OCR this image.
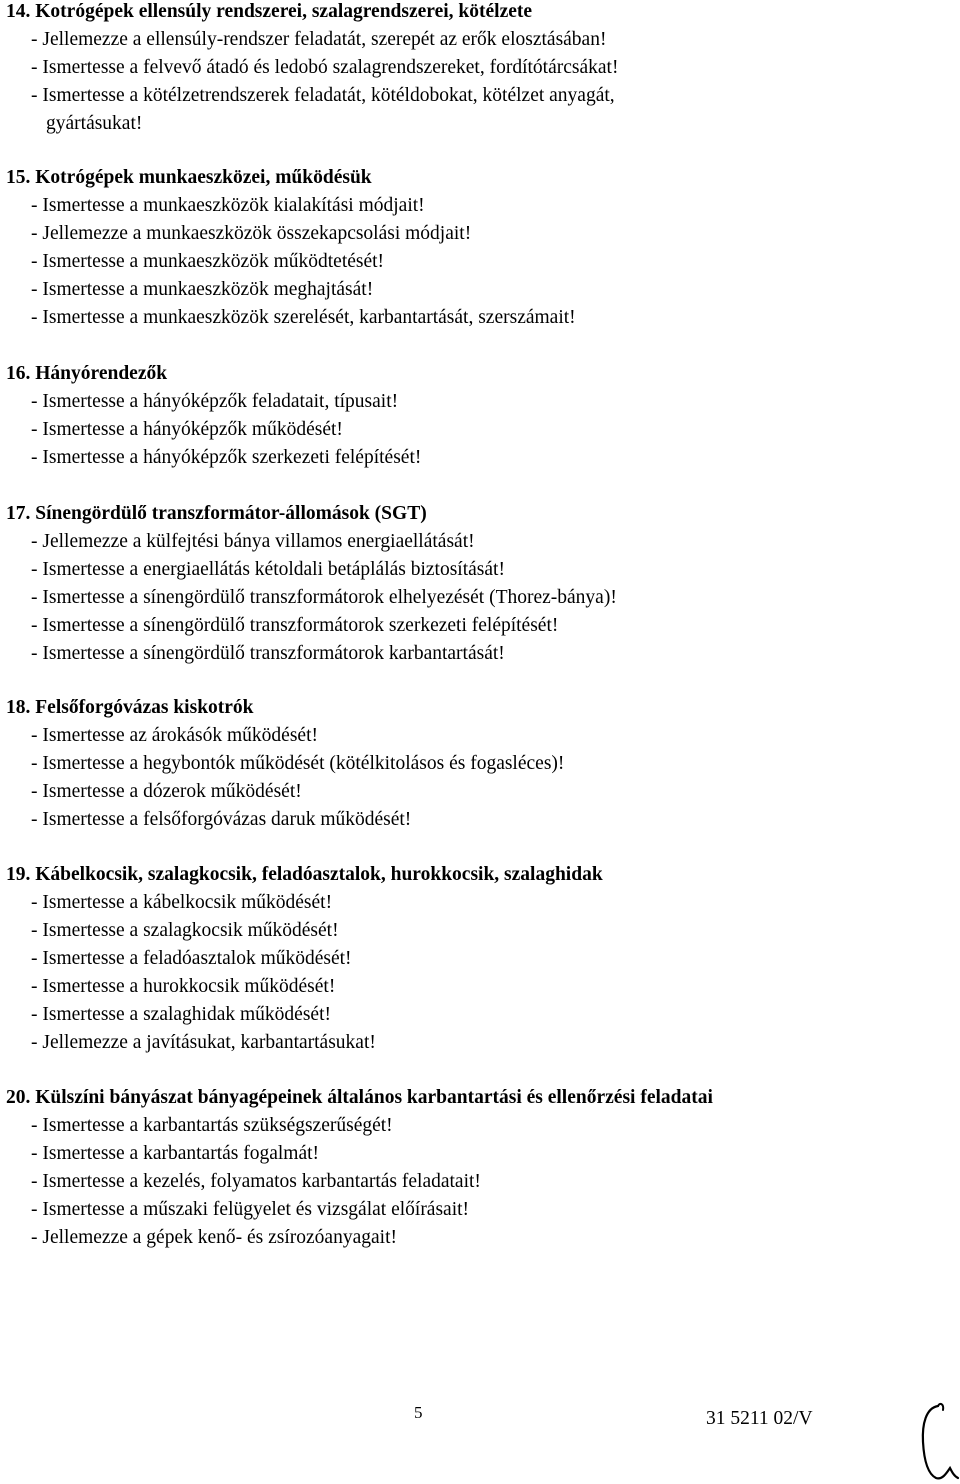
14. Kotrógépek ellensúly rendszerei, szalagrendszerei, kötélzete
- Jellemezze a ellensúly-rendszer feladatát, szerepét az erők elosztásában!
- Ismertesse a felvevő átadó és ledobó szalagrendszereket, fordítótárcsákat!
- Ismertesse a kötélzetrendszerek feladatát, kötéldobokat, kötélzet anyagát,
gyártásukat!
15. Kotrógépek munkaeszközei, működésük
- Ismertesse a munkaeszközök kialakítási módjait!
- Jellemezze a munkaeszközök összekapcsolási módjait!
- Ismertesse a munkaeszközök működtetését!
- Ismertesse a munkaeszközök meghajtását!
- Ismertesse a munkaeszközök szerelését, karbantartását, szerszámait!
16. Hányórendezők
- Ismertesse a hányóképzők feladatait, típusait!
- Ismertesse a hányóképzők működését!
- Ismertesse a hányóképzők szerkezeti felépítését!
17. Sínengördülő transzformátor-állomások (SGT)
- Jellemezze a külfejtési bánya villamos energiaellátását!
- Ismertesse a energiaellátás kétoldali betáplálás biztosítását!
- Ismertesse a sínengördülő transzformátorok elhelyezését (Thorez-bánya)!
- Ismertesse a sínengördülő transzformátorok szerkezeti felépítését!
- Ismertesse a sínengördülő transzformátorok karbantartását!
18. Felsőforgóvázas kiskotrók
- Ismertesse az árokásók működését!
- Ismertesse a hegybontók működését (kötélkitolásos és fogasléces)!
- Ismertesse a dózerok működését!
- Ismertesse a felsőforgóvázas daruk működését!
19. Kábelkocsik, szalagkocsik, feladóasztalok, hurokkocsik, szalaghidak
- Ismertesse a kábelkocsik működését!
- Ismertesse a szalagkocsik működését!
- Ismertesse a feladóasztalok működését!
- Ismertesse a hurokkocsik működését!
- Ismertesse a szalaghidak működését!
- Jellemezze a javításukat, karbantartásukat!
20. Külszíni bányászat bányagépeinek általános karbantartási és ellenőrzési feladatai
- Ismertesse a karbantartás szükségszerűségét!
- Ismertesse a karbantartás fogalmát!
- Ismertesse a kezelés, folyamatos karbantartás feladatait!
- Ismertesse a műszaki felügyelet és vizsgálat előírásait!
- Jellemezze a gépek kenő- és zsírozóanyagait!
5	31 5211 02/V
